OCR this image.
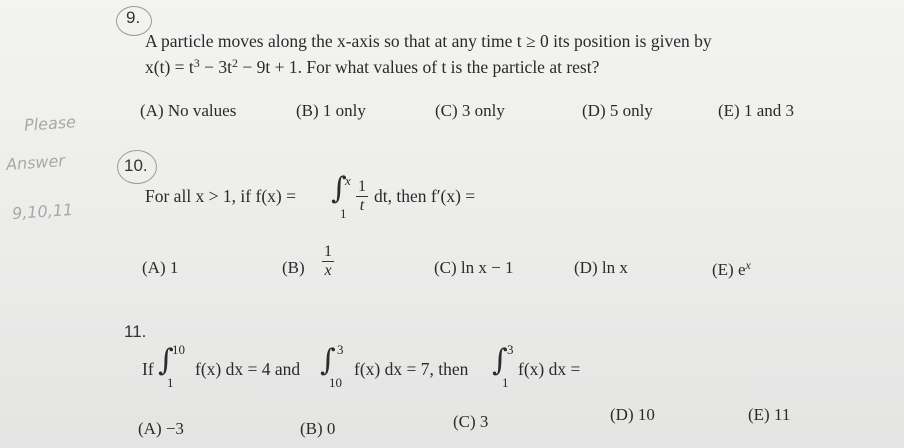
Please
Answer
9,10,11
9.
A particle moves along the x-axis so that at any time t ≥ 0 its position is given by
$x(t) = t^3 - 3t^2 - 9t + 1$. For what values of t is the particle at rest?
(A) No values	(B) 1 only	(C) 3 only	(D) 5 only	(E) 1 and 3
10.
For all x > 1, if f(x) = ∫
x
$1 \frac{1}{t}$ dt, then f′(x) =
(A) 1	$(B) \frac{1}{x}$	(C) ln x − 1	(D) ln x	(E) $e^x$
11.
If ∫
10
1
f(x) dx = 4 and ∫ 3
10
f(x) dx = 7, then ∫ 3
1
f(x) dx =
(A) −3	(B) 0	(C) 3	(D) 10	(E) 11
